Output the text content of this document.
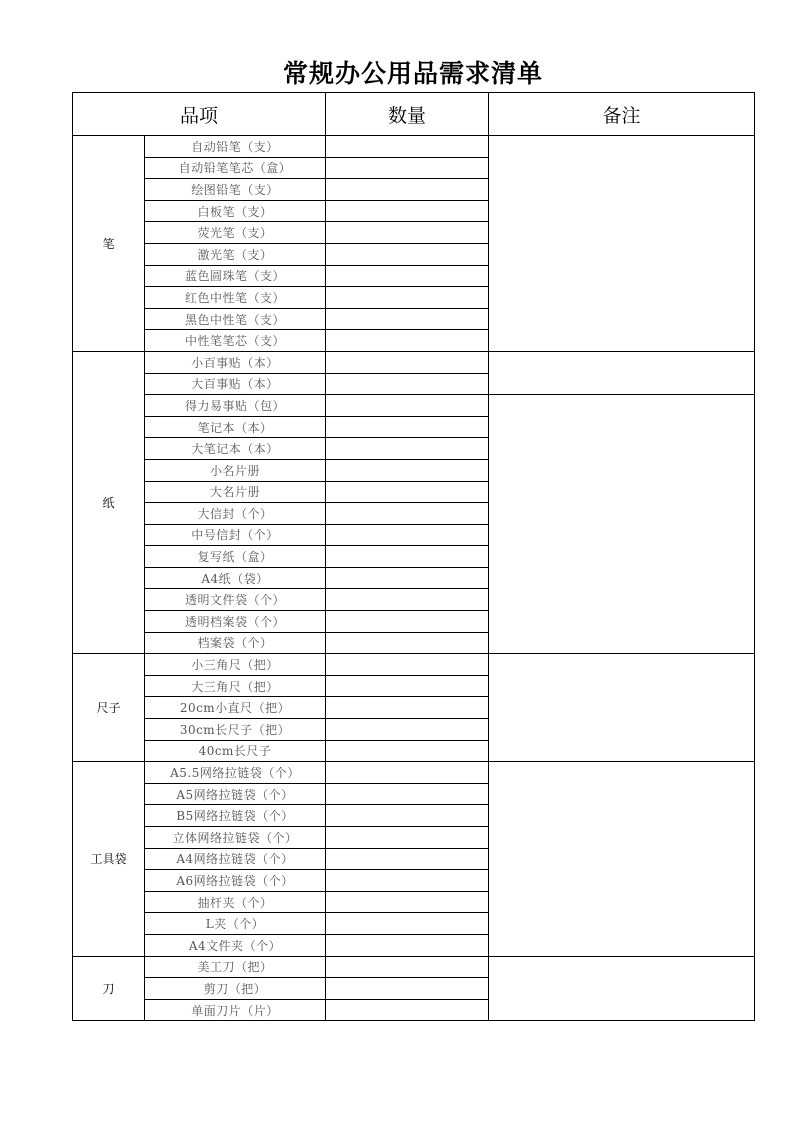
常规办公用品需求清单
品项		数量	备注
笔	自动铅笔（支）		
	自动铅笔笔芯（盒）		
	绘图铅笔（支）		
	白板笔（支）		
	荧光笔（支）		
	激光笔（支）		
	蓝色圆珠笔（支）		
	红色中性笔（支）		
	黑色中性笔（支）		
	中性笔笔芯（支）		
纸	小百事贴（本）		
	大百事贴（本）		
	得力易事贴（包）		
	笔记本（本）		
	大笔记本（本）		
	小名片册		
	大名片册		
	大信封（个）		
	中号信封（个）		
	复写纸（盒）		
	A4纸（袋）		
	透明文件袋（个）		
	透明档案袋（个）		
	档案袋（个）		
尺子	小三角尺（把）		
	大三角尺（把）		
	20cm小直尺（把）		
	30cm长尺子（把）		
	40cm长尺子		
工具袋	A5.5网络拉链袋（个）		
	A5网络拉链袋（个）		
	B5网络拉链袋（个）		
	立体网络拉链袋（个）		
	A4网络拉链袋（个）		
	A6网络拉链袋（个）		
	抽杆夹（个）		
	L夹（个）		
	A4文件夹（个）		
刀	美工刀（把）		
	剪刀（把）		
	单面刀片（片）		
